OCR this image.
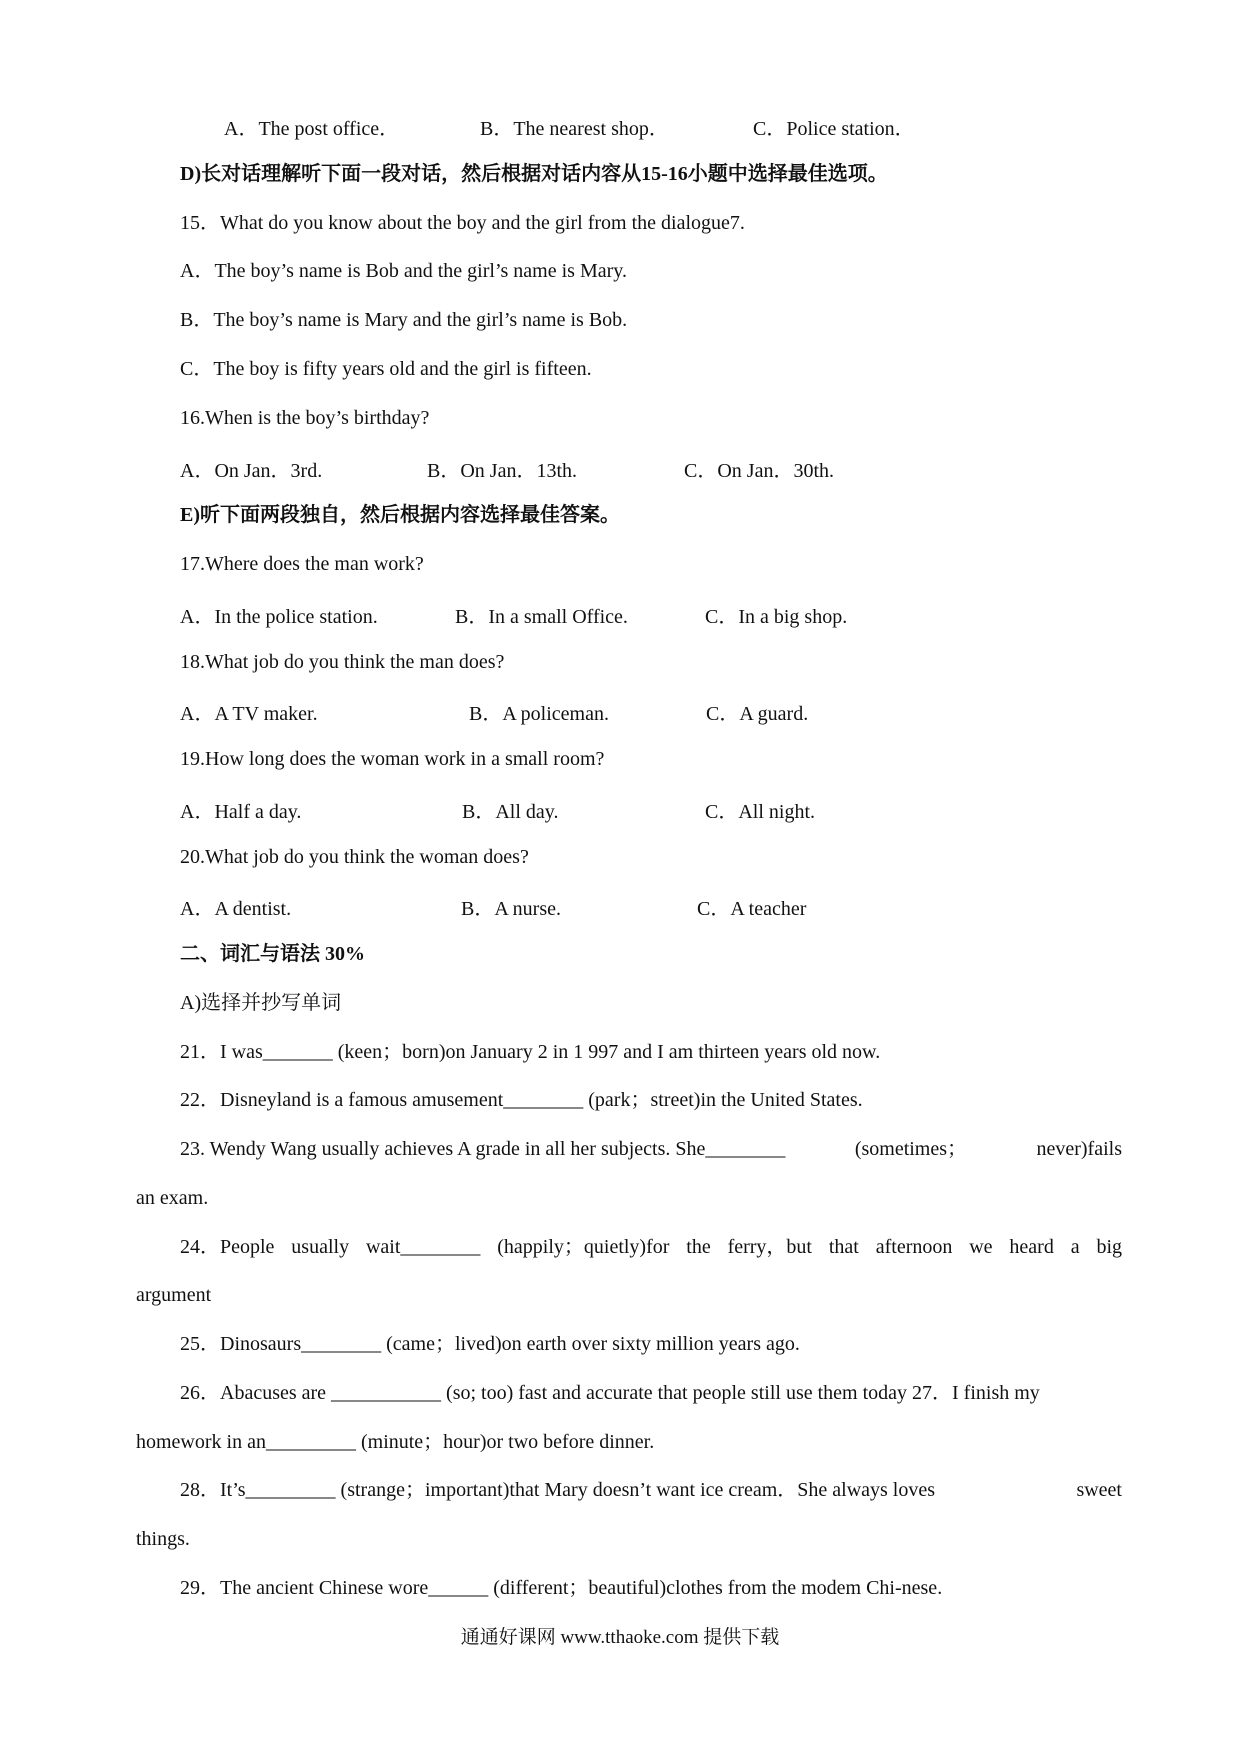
A．The post office．	B．The nearest shop．	C．Police station．
D)长对话理解听下面一段对话，然后根据对话内容从15-16小题中选择最佳选项。
15．What do you know about the boy and the girl from the dialogue7.
A．The boy’s name is Bob and the girl’s name is Mary.
B．The boy’s name is Mary and the girl’s name is Bob.
C．The boy is fifty years old and the girl is fifteen.
16.When is the boy’s birthday?
A．On Jan．3rd.	B．On Jan．13th.	C．On Jan．30th.
E)听下面两段独自，然后根据内容选择最佳答案。
17.Where does the man work?
A．In the police station.	B．In a small Office.	C．In a big shop.
18.What job do you think the man does?
A．A TV maker.	B．A policeman.	C．A guard.
19.How long does the woman work in a small room?
A．Half a day.	B．All day.	C．All night.
20.What job do you think the woman does?
A．A dentist.	B．A nurse.	C．A teacher
二、词汇与语法 30%
A)选择并抄写单词
21．I was_______ (keen；born)on January 2 in 1 997 and I am thirteen years old now.
22．Disneyland is a famous amusement________ (park；street)in the United States.
23. Wendy Wang usually achieves A grade in all her subjects. She________	(sometimes；	never)fails
an exam.
24．People usually wait________ (happily；quietly)for the ferry，but that afternoon we heard a big
argument
25．Dinosaurs________ (came；lived)on earth over sixty million years ago.
26．Abacuses are ___________ (so; too) fast and accurate that people still use them today 27．I finish my
homework in an_________ (minute；hour)or two before dinner.
28．It’s_________ (strange；important)that Mary doesn’t want ice cream．She always loves	sweet
things.
29．The ancient Chinese wore______ (different；beautiful)clothes from the modem Chi-nese.
通通好课网 www.tthaoke.com 提供下载
